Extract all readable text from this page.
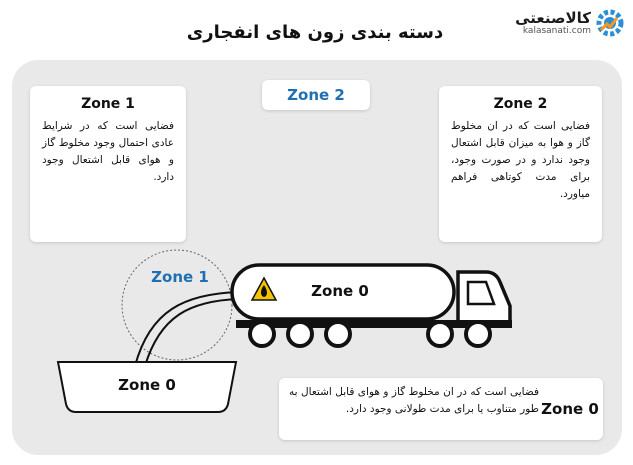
دسته بندی زون های انفجاری
کالاصنعتی
kalasanati.com
Zone 1
فضایی است که در شرایط عادی احتمال وجود مخلوط گاز و هوای قابل اشتعال وجود دارد.
Zone 2	Zone 2
فضایی است که در ان مخلوط گاز و هوا به میزان قابل اشتعال وجود ندارد و در صورت وجود، برای مدت کوتاهی فراهم میاورد.
Zone 1
Zone 0
Zone 0
Zone 0
فضایی است که در ان مخلوط گاز و هوای قابل اشتعال به طور متناوب یا برای مدت طولانی وجود دارد.
